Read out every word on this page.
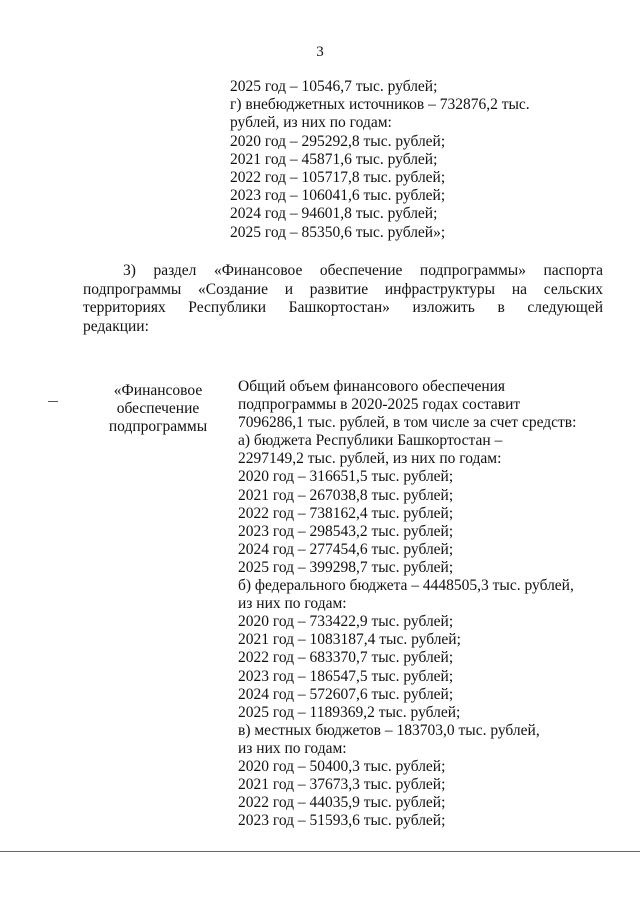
3
2025 год – 10546,7 тыс. рублей;
г) внебюджетных источников – 732876,2 тыс.
рублей, из них по годам:
2020 год – 295292,8 тыс. рублей;
2021 год – 45871,6 тыс. рублей;
2022 год – 105717,8 тыс. рублей;
2023 год – 106041,6 тыс. рублей;
2024 год – 94601,8 тыс. рублей;
2025 год – 85350,6 тыс. рублей»;
3) раздел «Финансовое обеспечение подпрограммы» паспорта
подпрограммы «Создание и развитие инфраструктуры на сельских
территориях Республики Башкортостан» изложить в следующей
редакции:
«Финансовое
обеспечение
подпрограммы
Общий объем финансового обеспечения
подпрограммы в 2020-2025 годах составит
7096286,1 тыс. рублей, в том числе за счет средств:
а) бюджета Республики Башкортостан –
2297149,2 тыс. рублей, из них по годам:
2020 год – 316651,5 тыс. рублей;
2021 год – 267038,8 тыс. рублей;
2022 год – 738162,4 тыс. рублей;
2023 год – 298543,2 тыс. рублей;
2024 год – 277454,6 тыс. рублей;
2025 год – 399298,7 тыс. рублей;
б) федерального бюджета – 4448505,3 тыс. рублей,
из них по годам:
2020 год – 733422,9 тыс. рублей;
2021 год – 1083187,4 тыс. рублей;
2022 год – 683370,7 тыс. рублей;
2023 год – 186547,5 тыс. рублей;
2024 год – 572607,6 тыс. рублей;
2025 год – 1189369,2 тыс. рублей;
в) местных бюджетов – 183703,0 тыс. рублей,
из них по годам:
2020 год – 50400,3 тыс. рублей;
2021 год – 37673,3 тыс. рублей;
2022 год – 44035,9 тыс. рублей;
2023 год – 51593,6 тыс. рублей;
